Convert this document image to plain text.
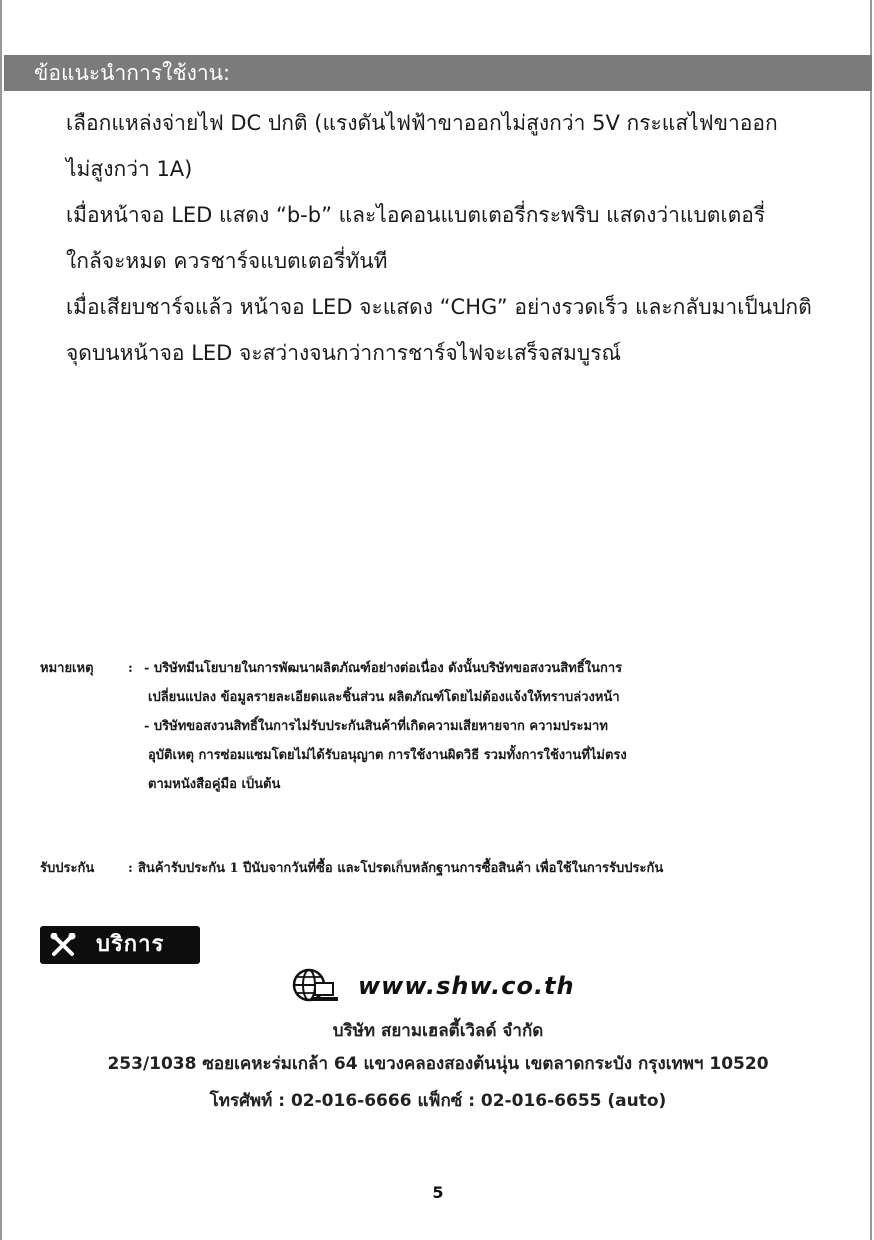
ข้อแนะนำการใช้งาน:

เลือกแหล่งจ่ายไฟ DC ปกติ (แรงดันไฟฟ้าขาออกไม่สูงกว่า 5V กระแสไฟขาออก

ไม่สูงกว่า 1A)

เมื่อหน้าจอ LED แสดง “b-b” และไอคอนแบตเตอรี่กระพริบ แสดงว่าแบตเตอรี่

ใกล้จะหมด ควรชาร์จแบตเตอรี่ทันที

เมื่อเสียบชาร์จแล้ว หน้าจอ LED จะแสดง “CHG” อย่างรวดเร็ว และกลับมาเป็นปกติ

จุดบนหน้าจอ LED จะสว่างจนกว่าการชาร์จไฟจะเสร็จสมบูรณ์

หมายเหตุ	: - บริษัทมีนโยบายในการพัฒนาผลิตภัณฑ์อย่างต่อเนื่อง ดังนั้นบริษัทขอสงวนสิทธิ์ในการ
เปลี่ยนแปลง ข้อมูลรายละเอียดและชิ้นส่วน ผลิตภัณฑ์โดยไม่ต้องแจ้งให้ทราบล่วงหน้า
- บริษัทขอสงวนสิทธิ์ในการไม่รับประกันสินค้าที่เกิดความเสียหายจาก ความประมาท
อุบัติเหตุ การซ่อมแซมโดยไม่ได้รับอนุญาต การใช้งานผิดวิธี รวมทั้งการใช้งานที่ไม่ตรง
ตามหนังสือคู่มือ เป็นต้น
รับประกัน	: สินค้ารับประกัน 1 ปีนับจากวันที่ซื้อ และโปรดเก็บหลักฐานการซื้อสินค้า เพื่อใช้ในการรับประกัน
บริการ
www.shw.co.th
บริษัท สยามเฮลตี้เวิลด์ จำกัด
253/1038 ซอยเคหะร่มเกล้า 64 แขวงคลองสองต้นนุ่น เขตลาดกระบัง กรุงเทพฯ 10520
โทรศัพท์ : 02-016-6666 แฟ็กซ์ : 02-016-6655 (auto)
5
